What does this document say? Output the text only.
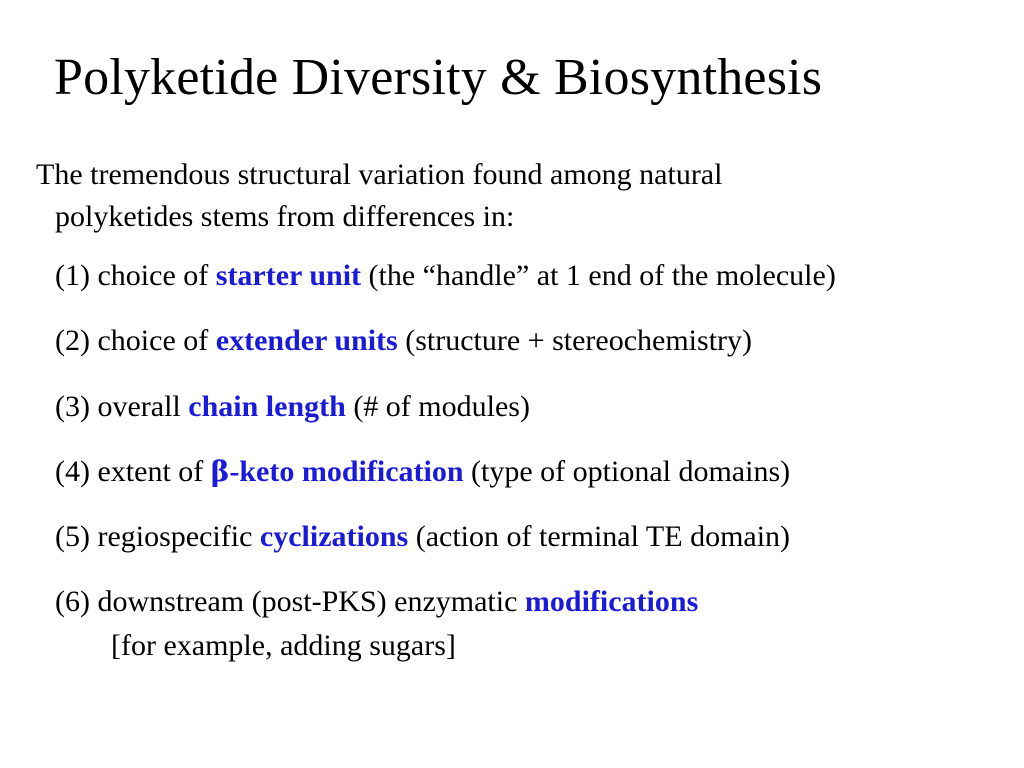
Polyketide Diversity & Biosynthesis
The tremendous structural variation found among natural
polyketides stems from differences in:
(1) choice of starter unit (the “handle” at 1 end of the molecule)
(2) choice of extender units (structure + stereochemistry)
(3) overall chain length (# of modules)
(4) extent of β-keto modification (type of optional domains)
(5) regiospecific cyclizations (action of terminal TE domain)
(6) downstream (post-PKS) enzymatic modifications
[for example, adding sugars]
